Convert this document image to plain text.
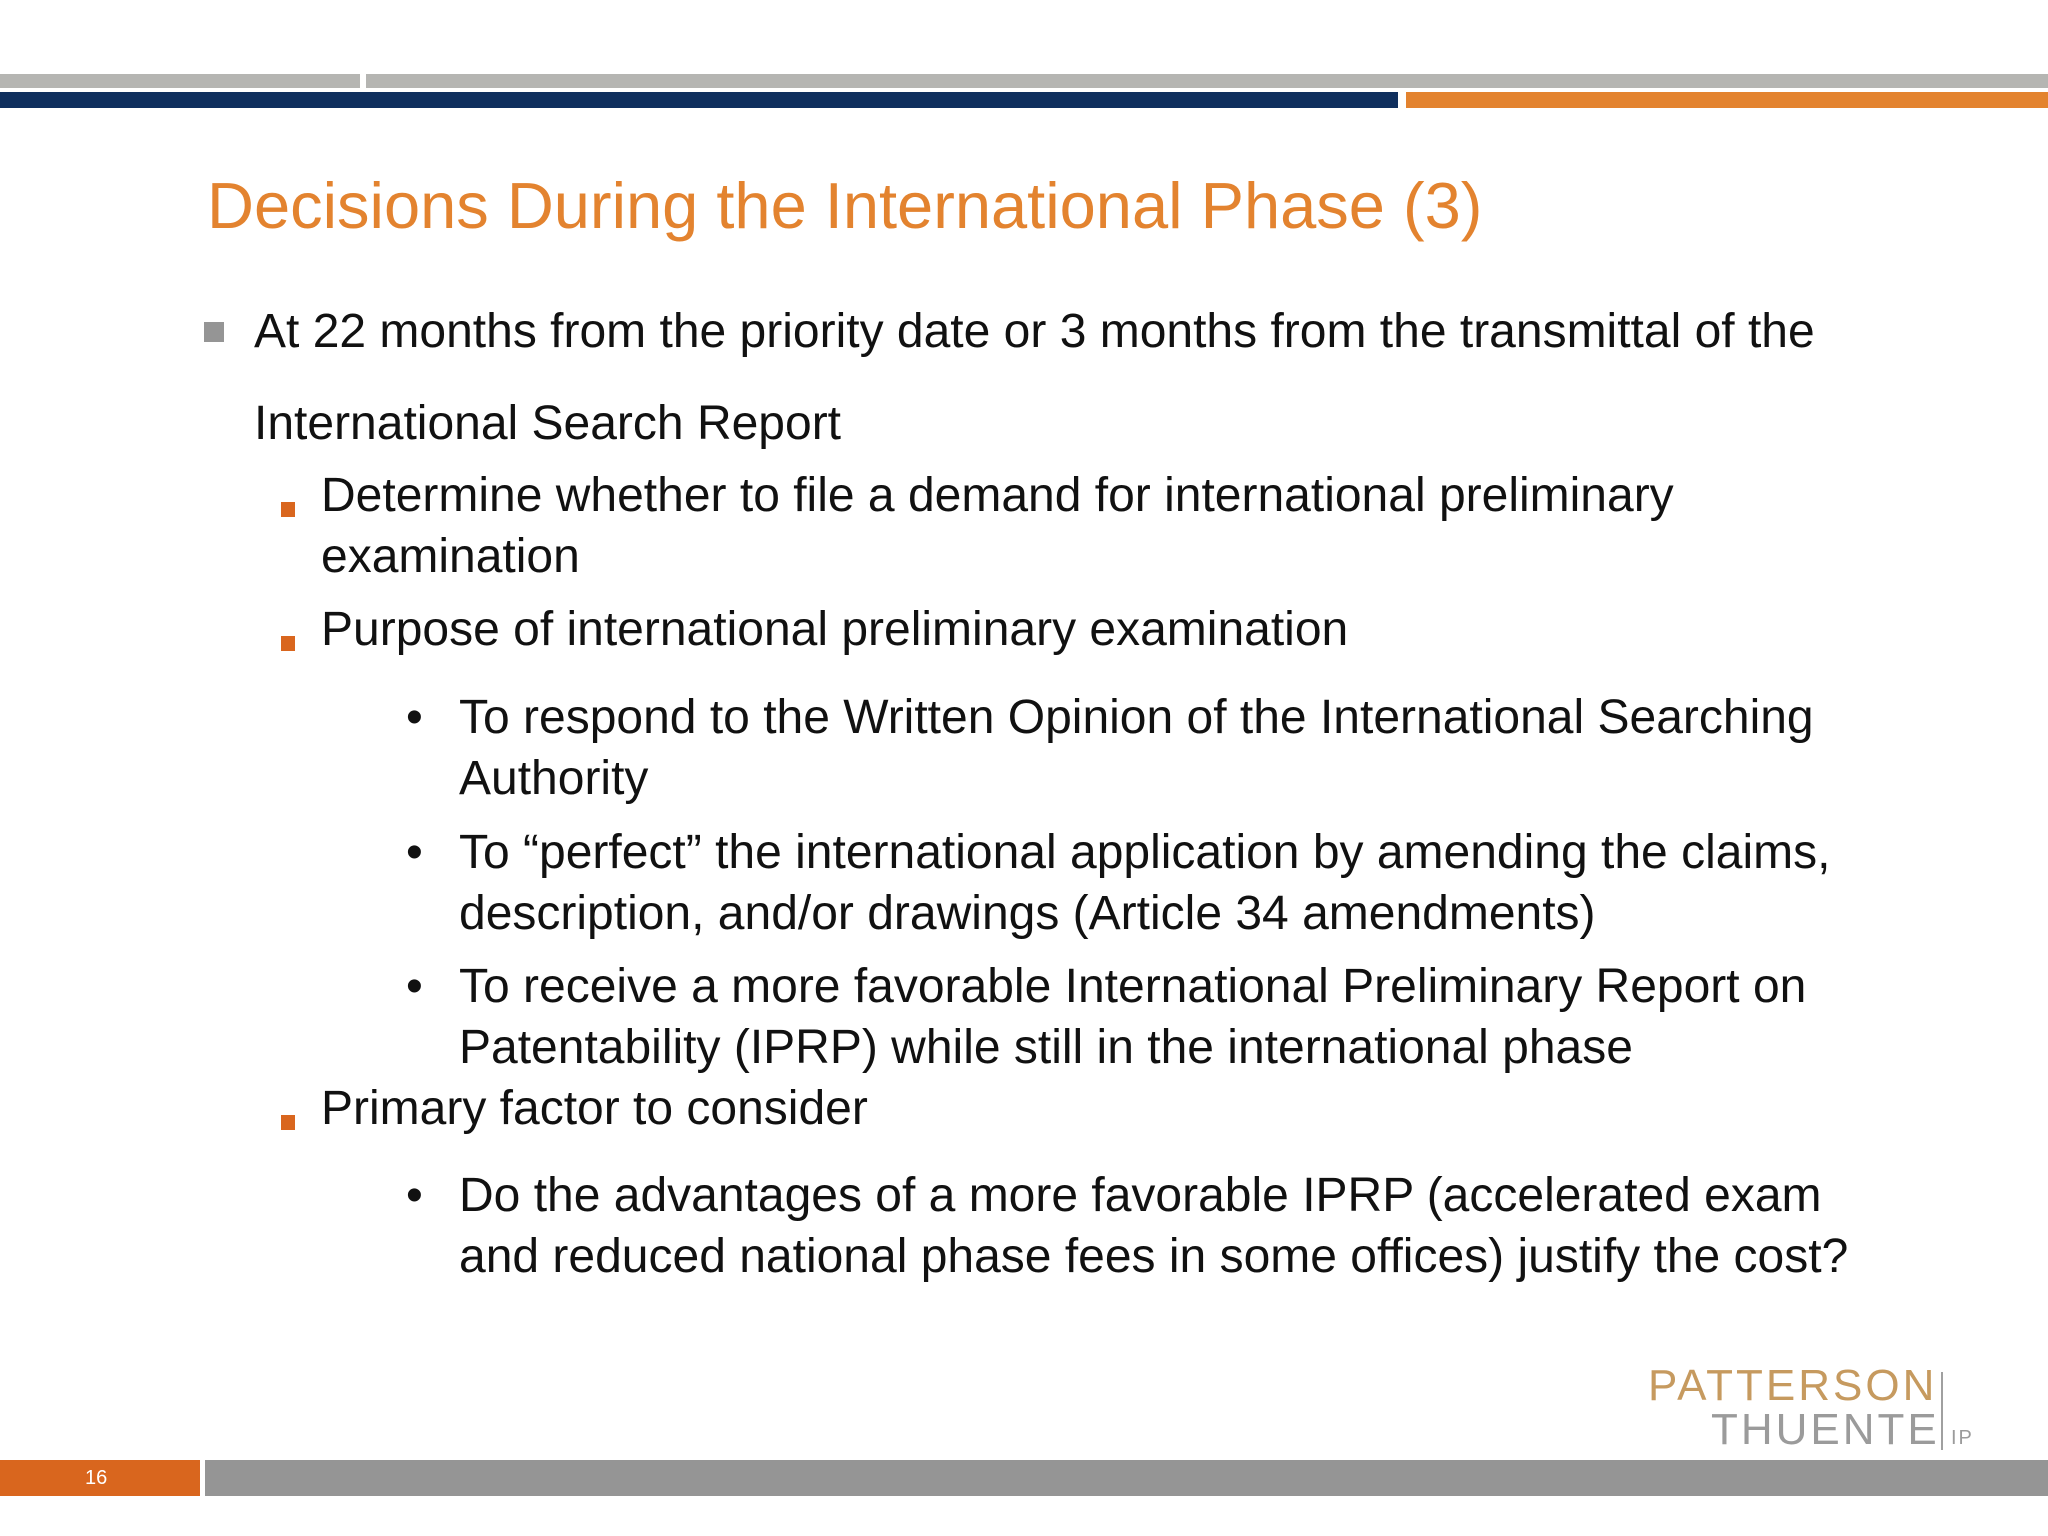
Decisions During the International Phase (3)
At 22 months from the priority date or 3 months from the transmittal of the
International Search Report
Determine whether to file a demand for international preliminary
examination
Purpose of international preliminary examination
• To respond to the Written Opinion of the International Searching
Authority
• To “perfect” the international application by amending the claims,
description, and/or drawings (Article 34 amendments)
• To receive a more favorable International Preliminary Report on
Patentability (IPRP) while still in the international phase
Primary factor to consider
• Do the advantages of a more favorable IPRP (accelerated exam
and reduced national phase fees in some offices) justify the cost?
PATTERSON
THUENTE IP
16
